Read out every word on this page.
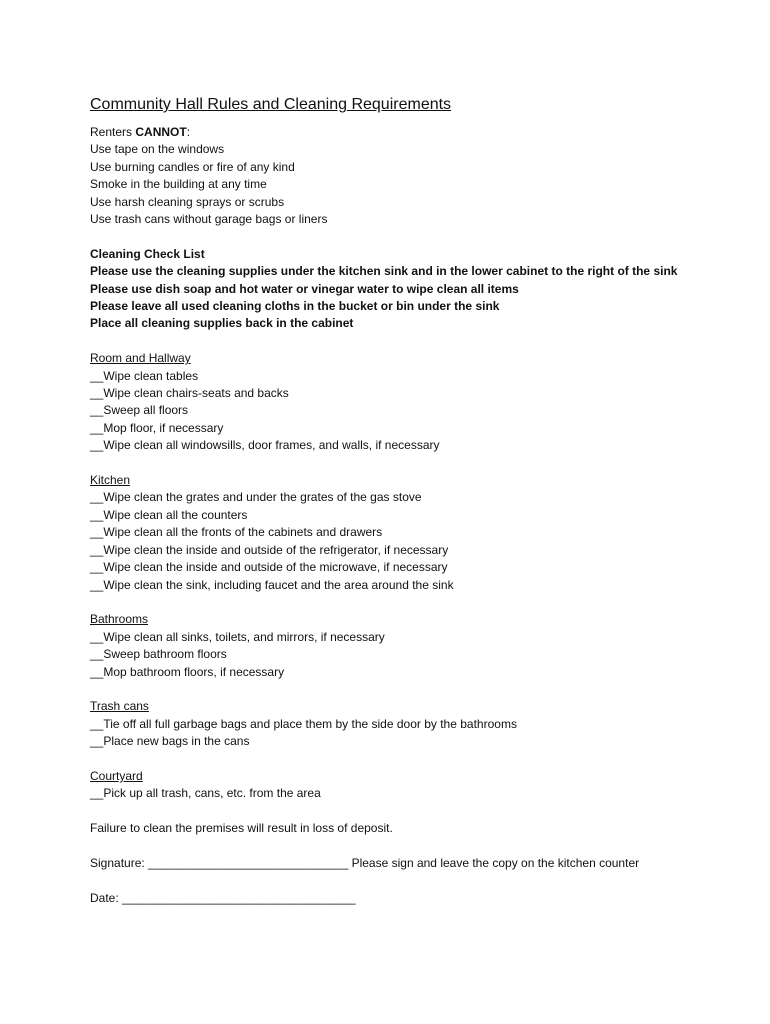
Community Hall Rules and Cleaning Requirements
Renters CANNOT:
Use tape on the windows
Use burning candles or fire of any kind
Smoke in the building at any time
Use harsh cleaning sprays or scrubs
Use trash cans without garage bags or liners
Cleaning Check List
Please use the cleaning supplies under the kitchen sink and in the lower cabinet to the right of the sink
Please use dish soap and hot water or vinegar water to wipe clean all items
Please leave all used cleaning cloths in the bucket or bin under the sink
Place all cleaning supplies back in the cabinet
Room and Hallway
__Wipe clean tables
__Wipe clean chairs-seats and backs
__Sweep all floors
__Mop floor, if necessary
__Wipe clean all windowsills, door frames, and walls, if necessary
Kitchen
__Wipe clean the grates and under the grates of the gas stove
__Wipe clean all the counters
__Wipe clean all the fronts of the cabinets and drawers
__Wipe clean the inside and outside of the refrigerator, if necessary
__Wipe clean the inside and outside of the microwave, if necessary
__Wipe clean the sink, including faucet and the area around the sink
Bathrooms
__Wipe clean all sinks, toilets, and mirrors, if necessary
__Sweep bathroom floors
__Mop bathroom floors, if necessary
Trash cans
__Tie off all full garbage bags and place them by the side door by the bathrooms
__Place new bags in the cans
Courtyard
__Pick up all trash, cans, etc. from the area
Failure to clean the premises will result in loss of deposit.
Signature: ______________________________ Please sign and leave the copy on the kitchen counter
Date: ___________________________________
